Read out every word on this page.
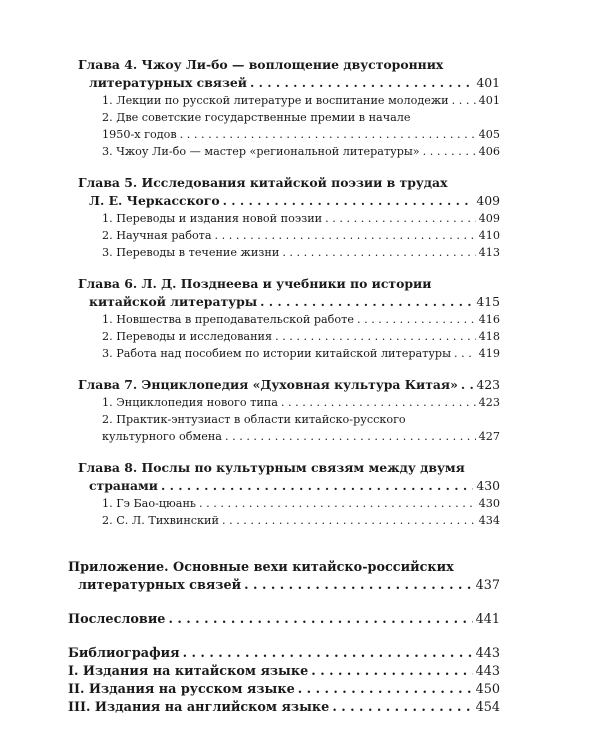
Глава 4. Чжоу Ли-бо — воплощение двусторонних
литературных связей . . .	401
1. Лекции по русской литературе и воспитание молодежи . . .	401
2. Две советские государственные премии в начале
1950-х годов . . .	405
3. Чжоу Ли-бо — мастер «региональной литературы» . . .	406
Глава 5. Исследования китайской поэзии в трудах
Л. Е. Черкасского . . .	409
1. Переводы и издания новой поэзии . . .	409
2. Научная работа . . .	410
3. Переводы в течение жизни . . .	413
Глава 6. Л. Д. Позднеева и учебники по истории
китайской литературы . . .	415
1. Новшества в преподавательской работе . . .	416
2. Переводы и исследования . . .	418
3. Работа над пособием по истории китайской литературы . . . 419
Глава 7. Энциклопедия «Духовная культура Китая» . . . 423
1. Энциклопедия нового типа . . .	423
2. Практик-энтузиаст в области китайско-русского
культурного обмена . . .	427
Глава 8. Послы по культурным связям между двумя
странами . . .	430
1. Гэ Бао-цюань . . .	430
2. С. Л. Тихвинский . . .	434
Приложение. Основные вехи китайско-российских
литературных связей . . .	437
Послесловие . . .	441
Библиография . . .	443
I. Издания на китайском языке . . .	443
II. Издания на русском языке . . .	450
III. Издания на английском языке . . .	454
